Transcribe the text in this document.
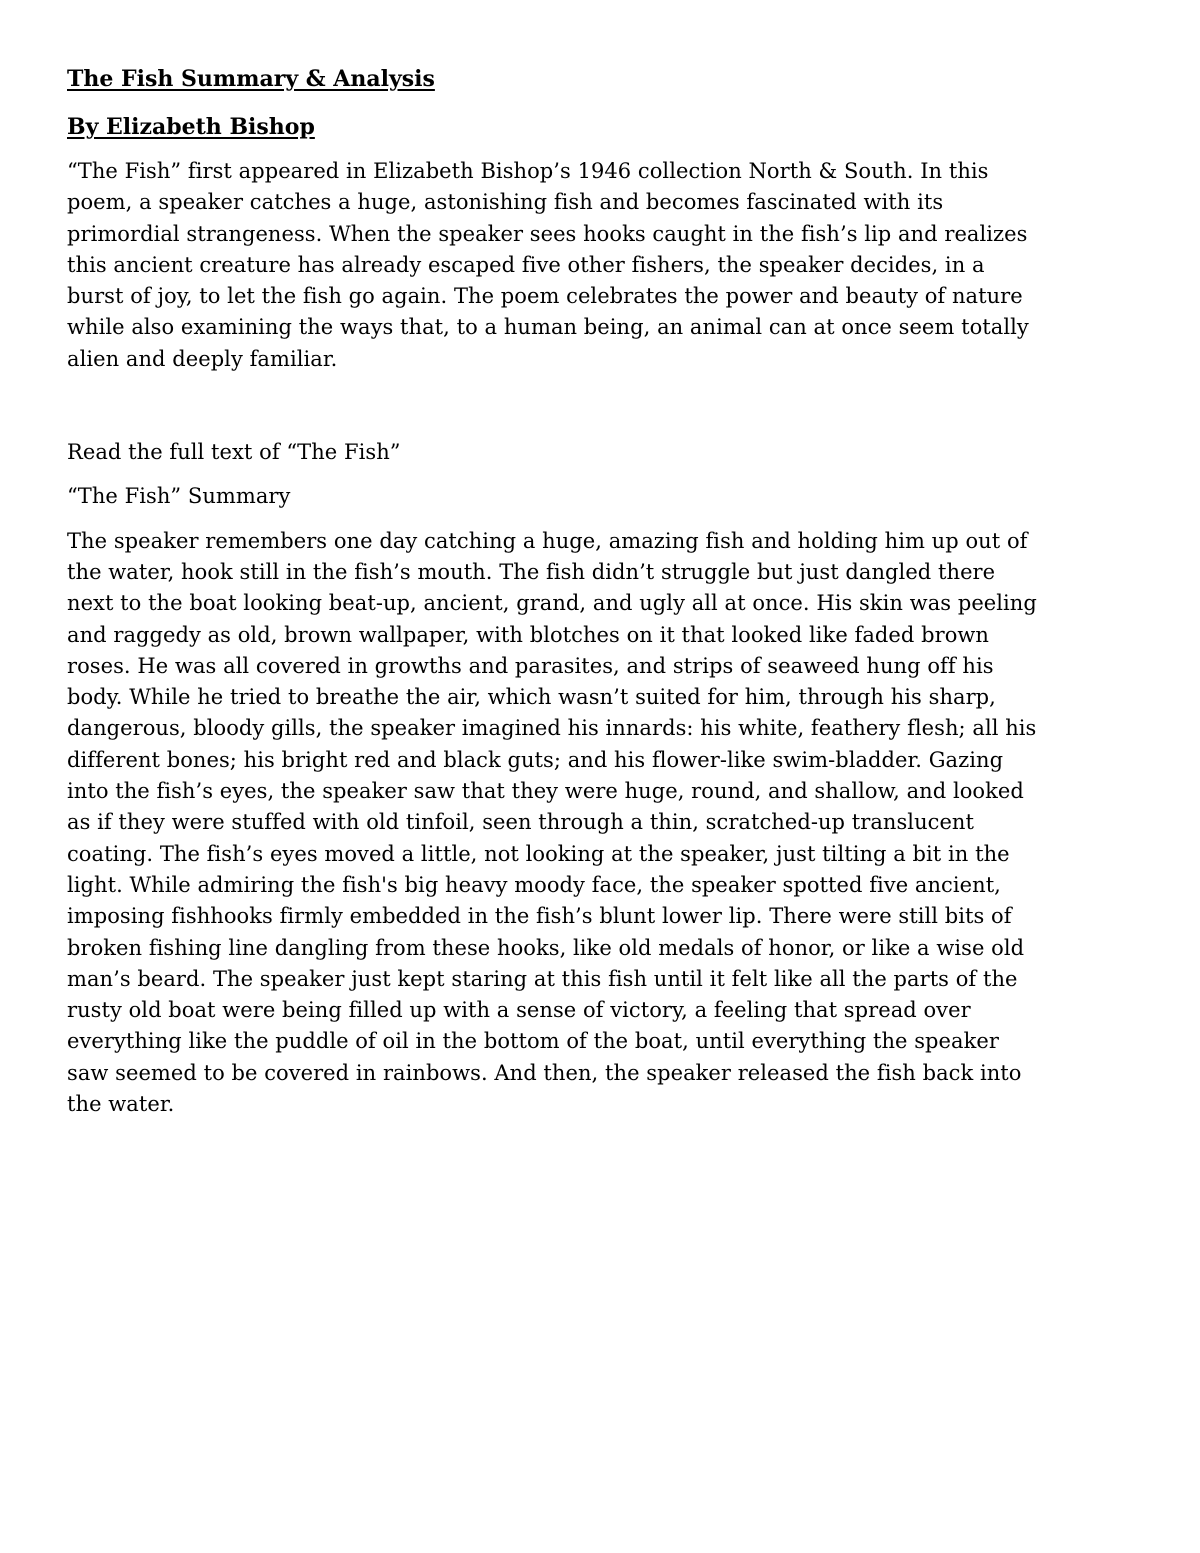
The Fish Summary & Analysis

By Elizabeth Bishop

“The Fish” first appeared in Elizabeth Bishop’s 1946 collection North & South. In this poem, a speaker catches a huge, astonishing fish and becomes fascinated with its primordial strangeness. When the speaker sees hooks caught in the fish’s lip and realizes this ancient creature has already escaped five other fishers, the speaker decides, in a burst of joy, to let the fish go again. The poem celebrates the power and beauty of nature while also examining the ways that, to a human being, an animal can at once seem totally alien and deeply familiar.

Read the full text of “The Fish”

“The Fish” Summary

The speaker remembers one day catching a huge, amazing fish and holding him up out of the water, hook still in the fish’s mouth. The fish didn’t struggle but just dangled there next to the boat looking beat-up, ancient, grand, and ugly all at once. His skin was peeling and raggedy as old, brown wallpaper, with blotches on it that looked like faded brown roses. He was all covered in growths and parasites, and strips of seaweed hung off his body. While he tried to breathe the air, which wasn’t suited for him, through his sharp, dangerous, bloody gills, the speaker imagined his innards: his white, feathery flesh; all his different bones; his bright red and black guts; and his flower-like swim-bladder. Gazing into the fish’s eyes, the speaker saw that they were huge, round, and shallow, and looked as if they were stuffed with old tinfoil, seen through a thin, scratched-up translucent coating. The fish’s eyes moved a little, not looking at the speaker, just tilting a bit in the light. While admiring the fish's big heavy moody face, the speaker spotted five ancient, imposing fishhooks firmly embedded in the fish’s blunt lower lip. There were still bits of broken fishing line dangling from these hooks, like old medals of honor, or like a wise old man’s beard. The speaker just kept staring at this fish until it felt like all the parts of the rusty old boat were being filled up with a sense of victory, a feeling that spread over everything like the puddle of oil in the bottom of the boat, until everything the speaker saw seemed to be covered in rainbows. And then, the speaker released the fish back into the water.
